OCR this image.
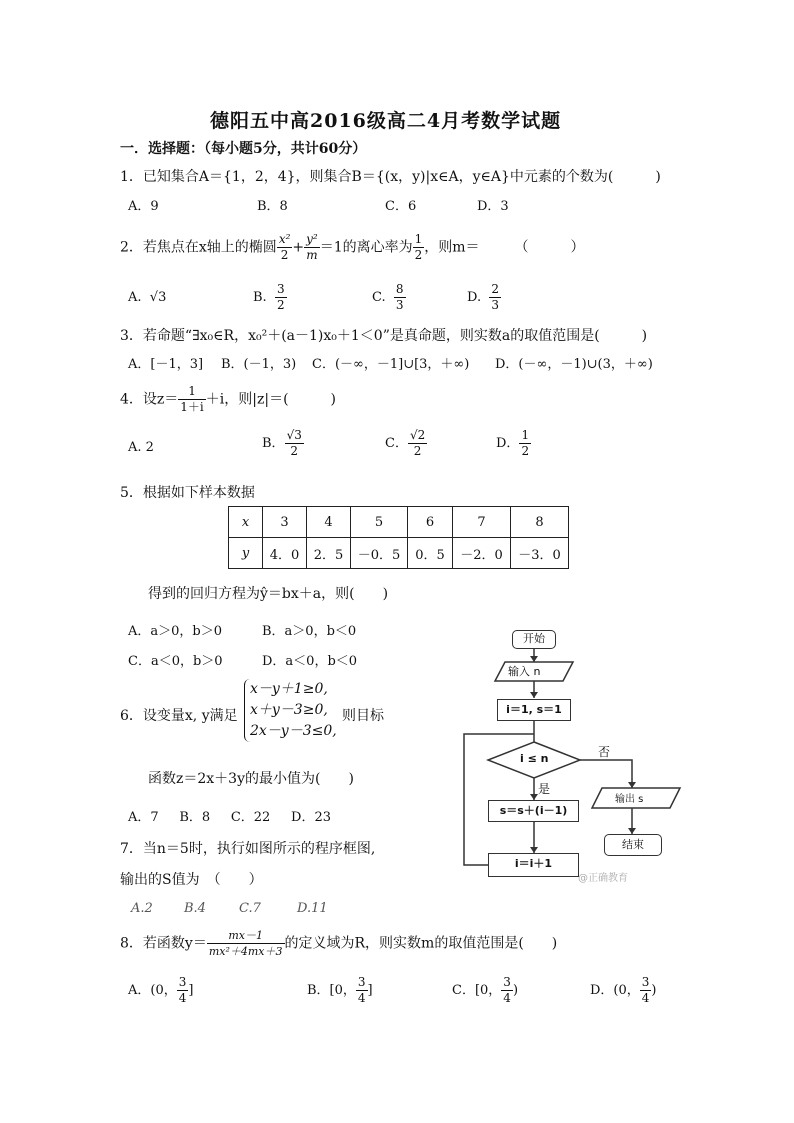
德阳五中高2016级高二4月考数学试题
一．选择题：（每小题5分，共计60分）
1．已知集合A＝{1，2，4}，则集合B＝{(x，y)|x∈A，y∈A}中元素的个数为(　　　)
A．9	B．8	C．6	D．3
2．若焦点在x轴上的椭圆 $\frac{\text{x²}}{2} + \frac{\text{y²}}{m} =1$的离心率为 $\frac{1}{2}$ ，则m＝　　　（　　　）
A. √3	B. $\frac{3}{2}$	C. $\frac{8}{3}$	D. $\frac{2}{3}$
3．若命题“∃x₀∈R，x₀²＋(a－1)x₀＋1＜0”是真命题，则实数a的取值范围是(　　　)
A．[－1，3] B．(－1，3) C．(－∞，－1]∪[3，＋∞) D．(－∞，－1)∪(3，＋∞)
4．设$z= \frac{1}{1+i} +i$，则|z|＝(　　　)
A. 2	B． $\frac{√3}{2}$	C． $\frac{√2}{2}$	D． $\frac{1}{2}$
5．根据如下样本数据
x	3	4	5	6	7	8
y	4．0	2．5	－0．5	0．5	－2．0	－3．0
得到的回归方程为ŷ＝bx＋a，则(　　)
A．a＞0，b＞0	B．a＞0，b＜0
C．a＜0，b＞0	D．a＜0，b＜0
6．设变量x, y满足
x－y＋1≥0,
x＋y－3≥0,
2x－y－3≤0,
则目标
函数z＝2x＋3y的最小值为(　　)
A．7 B．8 C．22 D．23
7．当n＝5时，执行如图所示的程序框图,
输出的S值为　（　　）
A.2 B.4	C.7	D.11
开始
输入 n
i＝1, s＝1
i ≤ n	否
是
s＝s＋(i－1)
i＝i＋1
输出 s
结束
@正确教育
8．若函数$y= \frac{mx-1}{\text{mx²＋4mx＋3}}$ 的定义域为R，则实数m的取值范围是(　　)
A．(0， $\frac{3}{4}$ ]	B．[0， $\frac{3}{4}$ ]	C．[0， $\frac{3}{4}$ )	D．(0， $\frac{3}{4}$ )
